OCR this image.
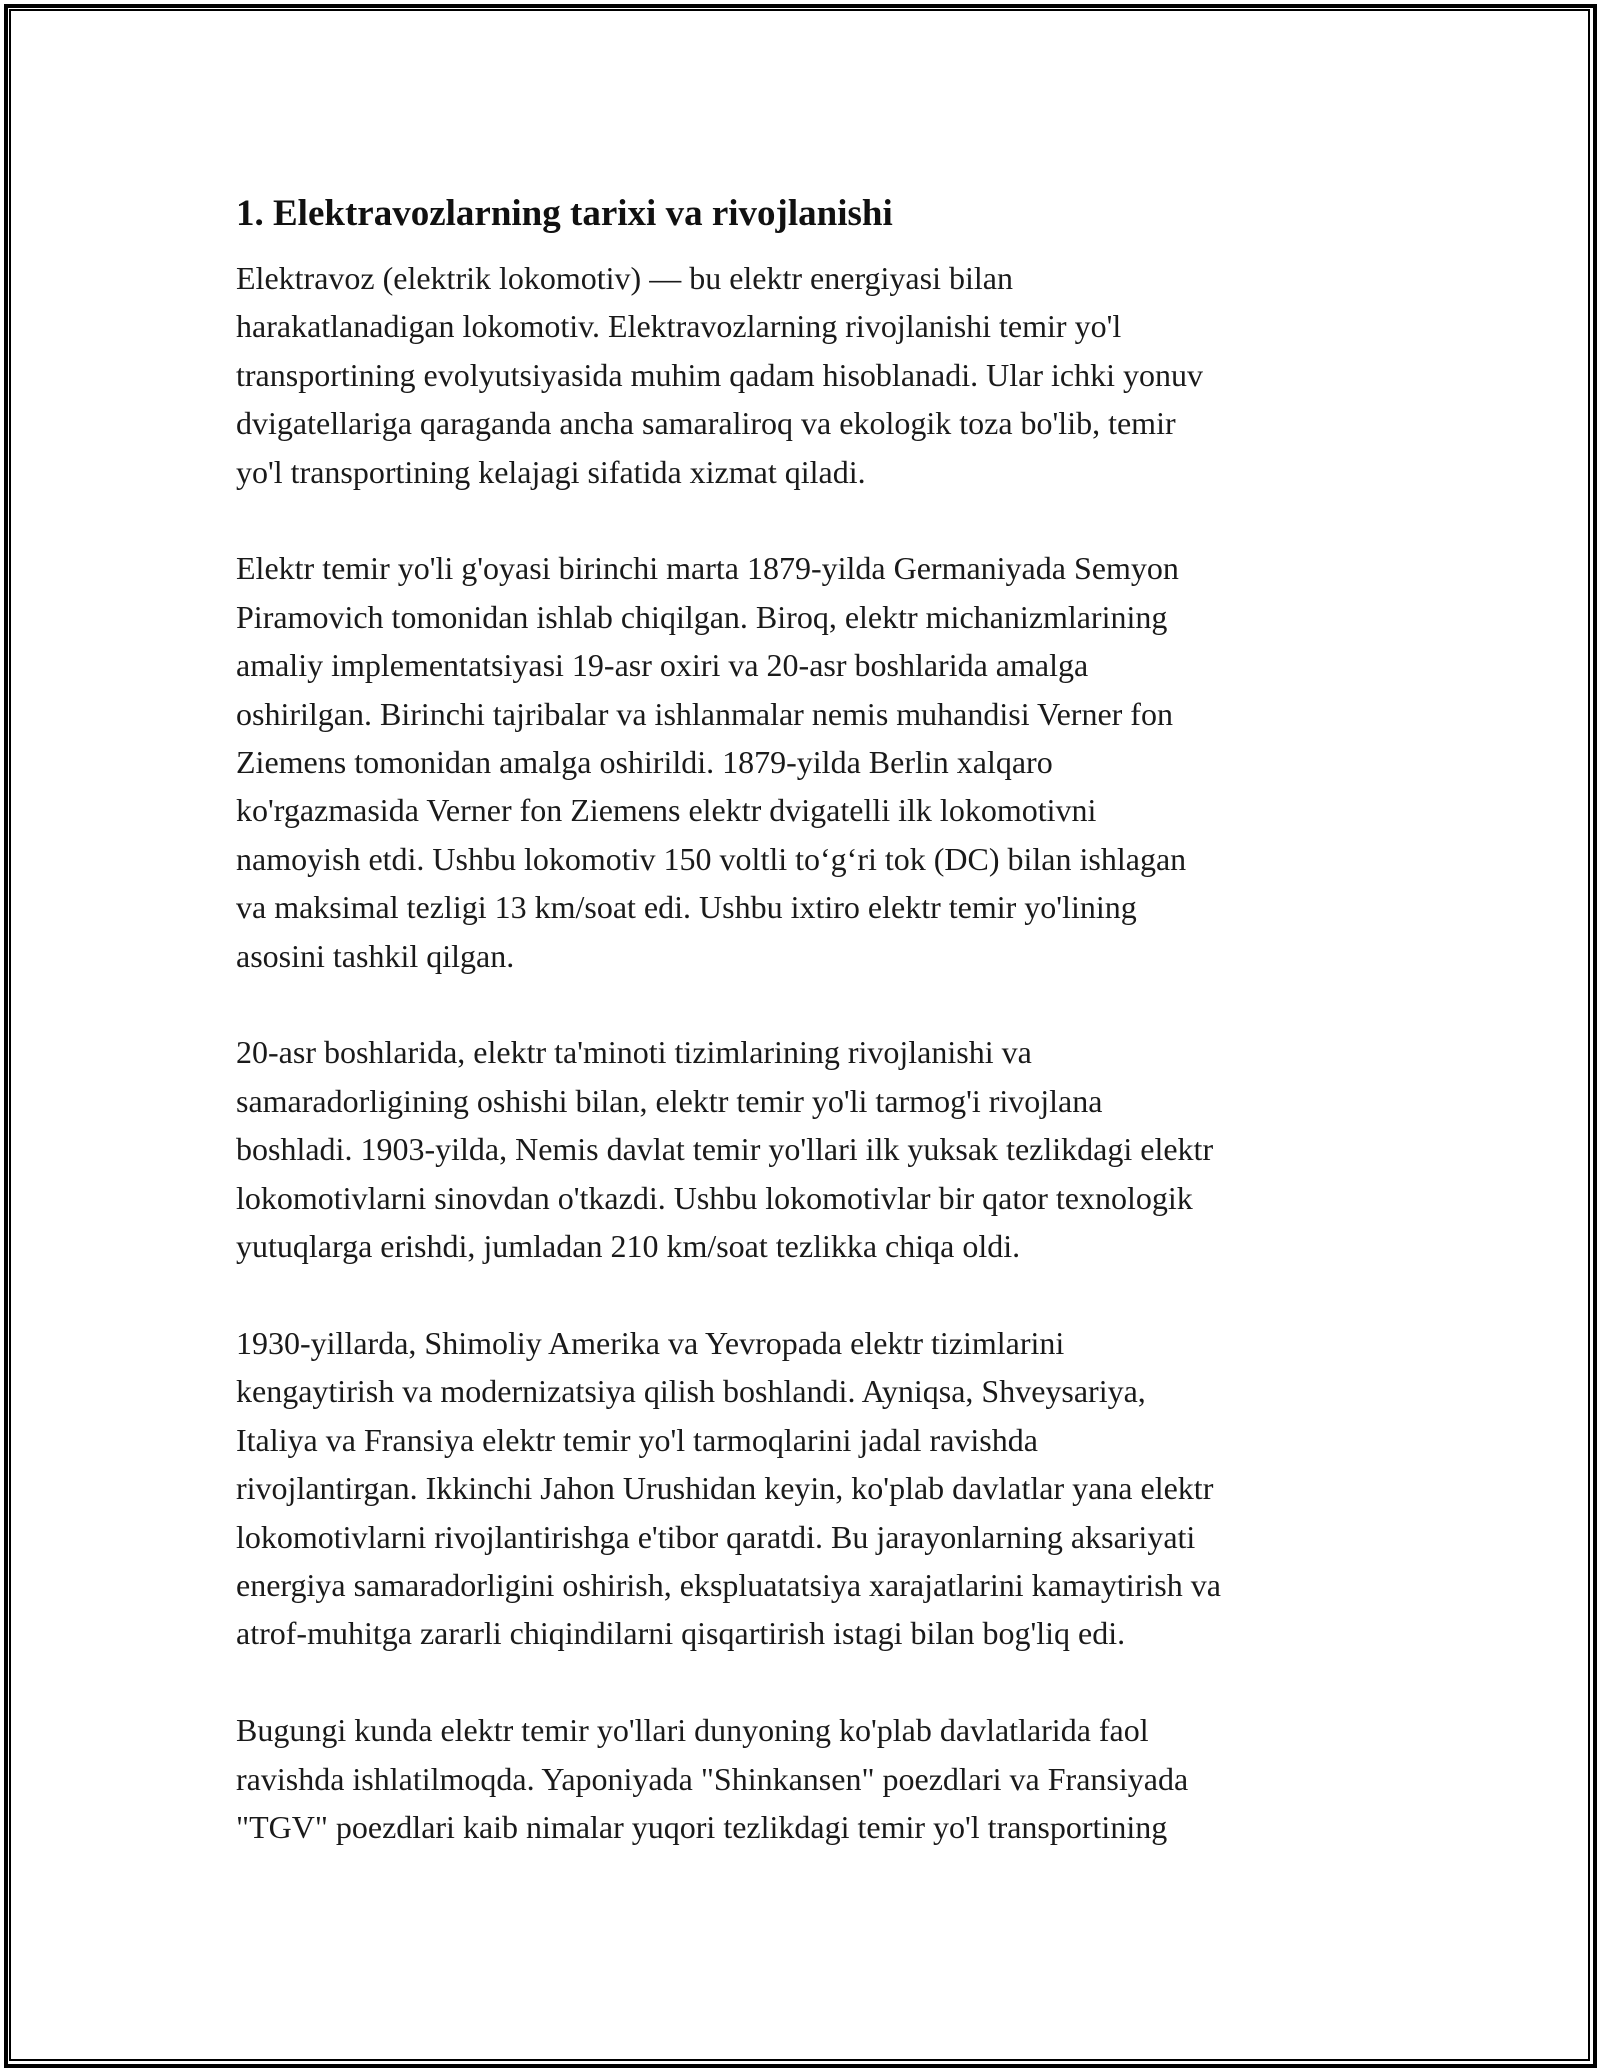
1. Elektravozlarning tarixi va rivojlanishi

Elektravoz (elektrik lokomotiv) — bu elektr energiyasi bilan
harakatlanadigan lokomotiv. Elektravozlarning rivojlanishi temir yo'l
transportining evolyutsiyasida muhim qadam hisoblanadi. Ular ichki yonuv
dvigatellariga qaraganda ancha samaraliroq va ekologik toza bo'lib, temir
yo'l transportining kelajagi sifatida xizmat qiladi.

Elektr temir yo'li g'oyasi birinchi marta 1879-yilda Germaniyada Semyon
Piramovich tomonidan ishlab chiqilgan. Biroq, elektr michanizmlarining
amaliy implementatsiyasi 19-asr oxiri va 20-asr boshlarida amalga
oshirilgan. Birinchi tajribalar va ishlanmalar nemis muhandisi Verner fon
Ziemens tomonidan amalga oshirildi. 1879-yilda Berlin xalqaro
ko'rgazmasida Verner fon Ziemens elektr dvigatelli ilk lokomotivni
namoyish etdi. Ushbu lokomotiv 150 voltli to‘g‘ri tok (DC) bilan ishlagan
va maksimal tezligi 13 km/soat edi. Ushbu ixtiro elektr temir yo'lining
asosini tashkil qilgan.

20-asr boshlarida, elektr ta'minoti tizimlarining rivojlanishi va
samaradorligining oshishi bilan, elektr temir yo'li tarmog'i rivojlana
boshladi. 1903-yilda, Nemis davlat temir yo'llari ilk yuksak tezlikdagi elektr
lokomotivlarni sinovdan o'tkazdi. Ushbu lokomotivlar bir qator texnologik
yutuqlarga erishdi, jumladan 210 km/soat tezlikka chiqa oldi.

1930-yillarda, Shimoliy Amerika va Yevropada elektr tizimlarini
kengaytirish va modernizatsiya qilish boshlandi. Ayniqsa, Shveysariya,
Italiya va Fransiya elektr temir yo'l tarmoqlarini jadal ravishda
rivojlantirgan. Ikkinchi Jahon Urushidan keyin, ko'plab davlatlar yana elektr
lokomotivlarni rivojlantirishga e'tibor qaratdi. Bu jarayonlarning aksariyati
energiya samaradorligini oshirish, ekspluatatsiya xarajatlarini kamaytirish va
atrof-muhitga zararli chiqindilarni qisqartirish istagi bilan bog'liq edi.

Bugungi kunda elektr temir yo'llari dunyoning ko'plab davlatlarida faol
ravishda ishlatilmoqda. Yaponiyada "Shinkansen" poezdlari va Fransiyada
"TGV" poezdlari kaib nimalar yuqori tezlikdagi temir yo'l transportining
